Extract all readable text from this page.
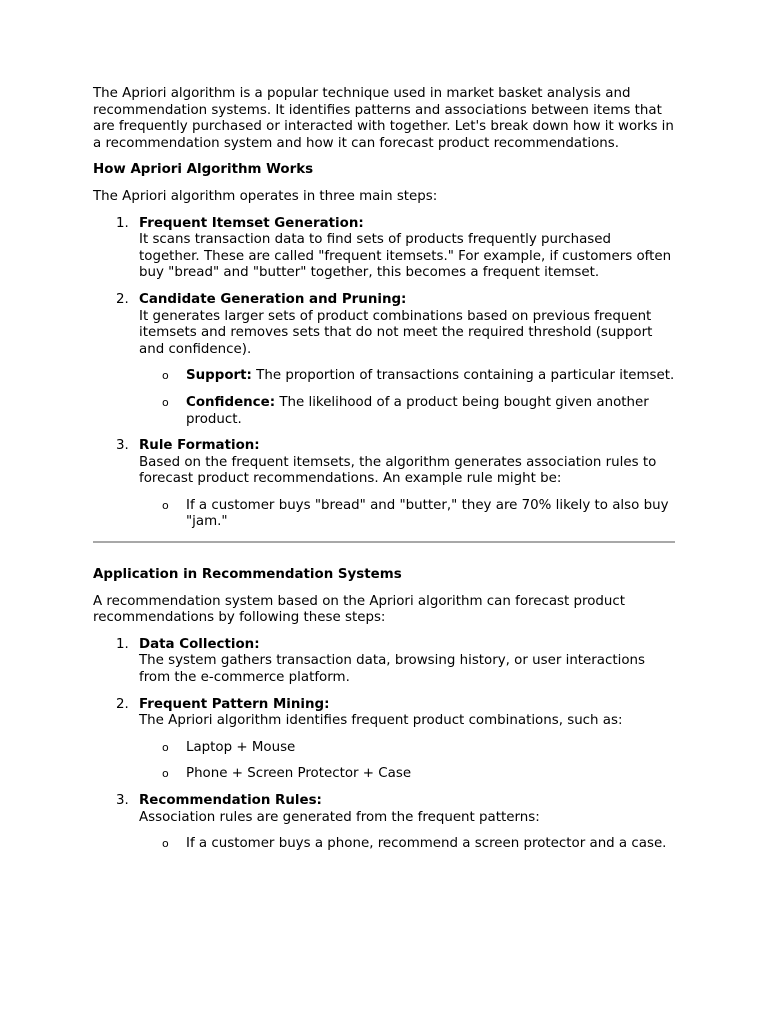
The Apriori algorithm is a popular technique used in market basket analysis and recommendation systems. It identifies patterns and associations between items that are frequently purchased or interacted with together. Let's break down how it works in a recommendation system and how it can forecast product recommendations.

How Apriori Algorithm Works

The Apriori algorithm operates in three main steps:

1. Frequent Itemset Generation:
It scans transaction data to find sets of products frequently purchased together. These are called "frequent itemsets." For example, if customers often buy "bread" and "butter" together, this becomes a frequent itemset.
2. Candidate Generation and Pruning:
It generates larger sets of product combinations based on previous frequent itemsets and removes sets that do not meet the required threshold (support and confidence).
o Support: The proportion of transactions containing a particular itemset.
o Confidence: The likelihood of a product being bought given another product.
3. Rule Formation:
Based on the frequent itemsets, the algorithm generates association rules to forecast product recommendations. An example rule might be:
o If a customer buys "bread" and "butter," they are 70% likely to also buy "jam."
Application in Recommendation Systems

A recommendation system based on the Apriori algorithm can forecast product recommendations by following these steps:

1. Data Collection:
The system gathers transaction data, browsing history, or user interactions from the e-commerce platform.
2. Frequent Pattern Mining:
The Apriori algorithm identifies frequent product combinations, such as:
o Laptop + Mouse
o Phone + Screen Protector + Case
3. Recommendation Rules:
Association rules are generated from the frequent patterns:
o If a customer buys a phone, recommend a screen protector and a case.
